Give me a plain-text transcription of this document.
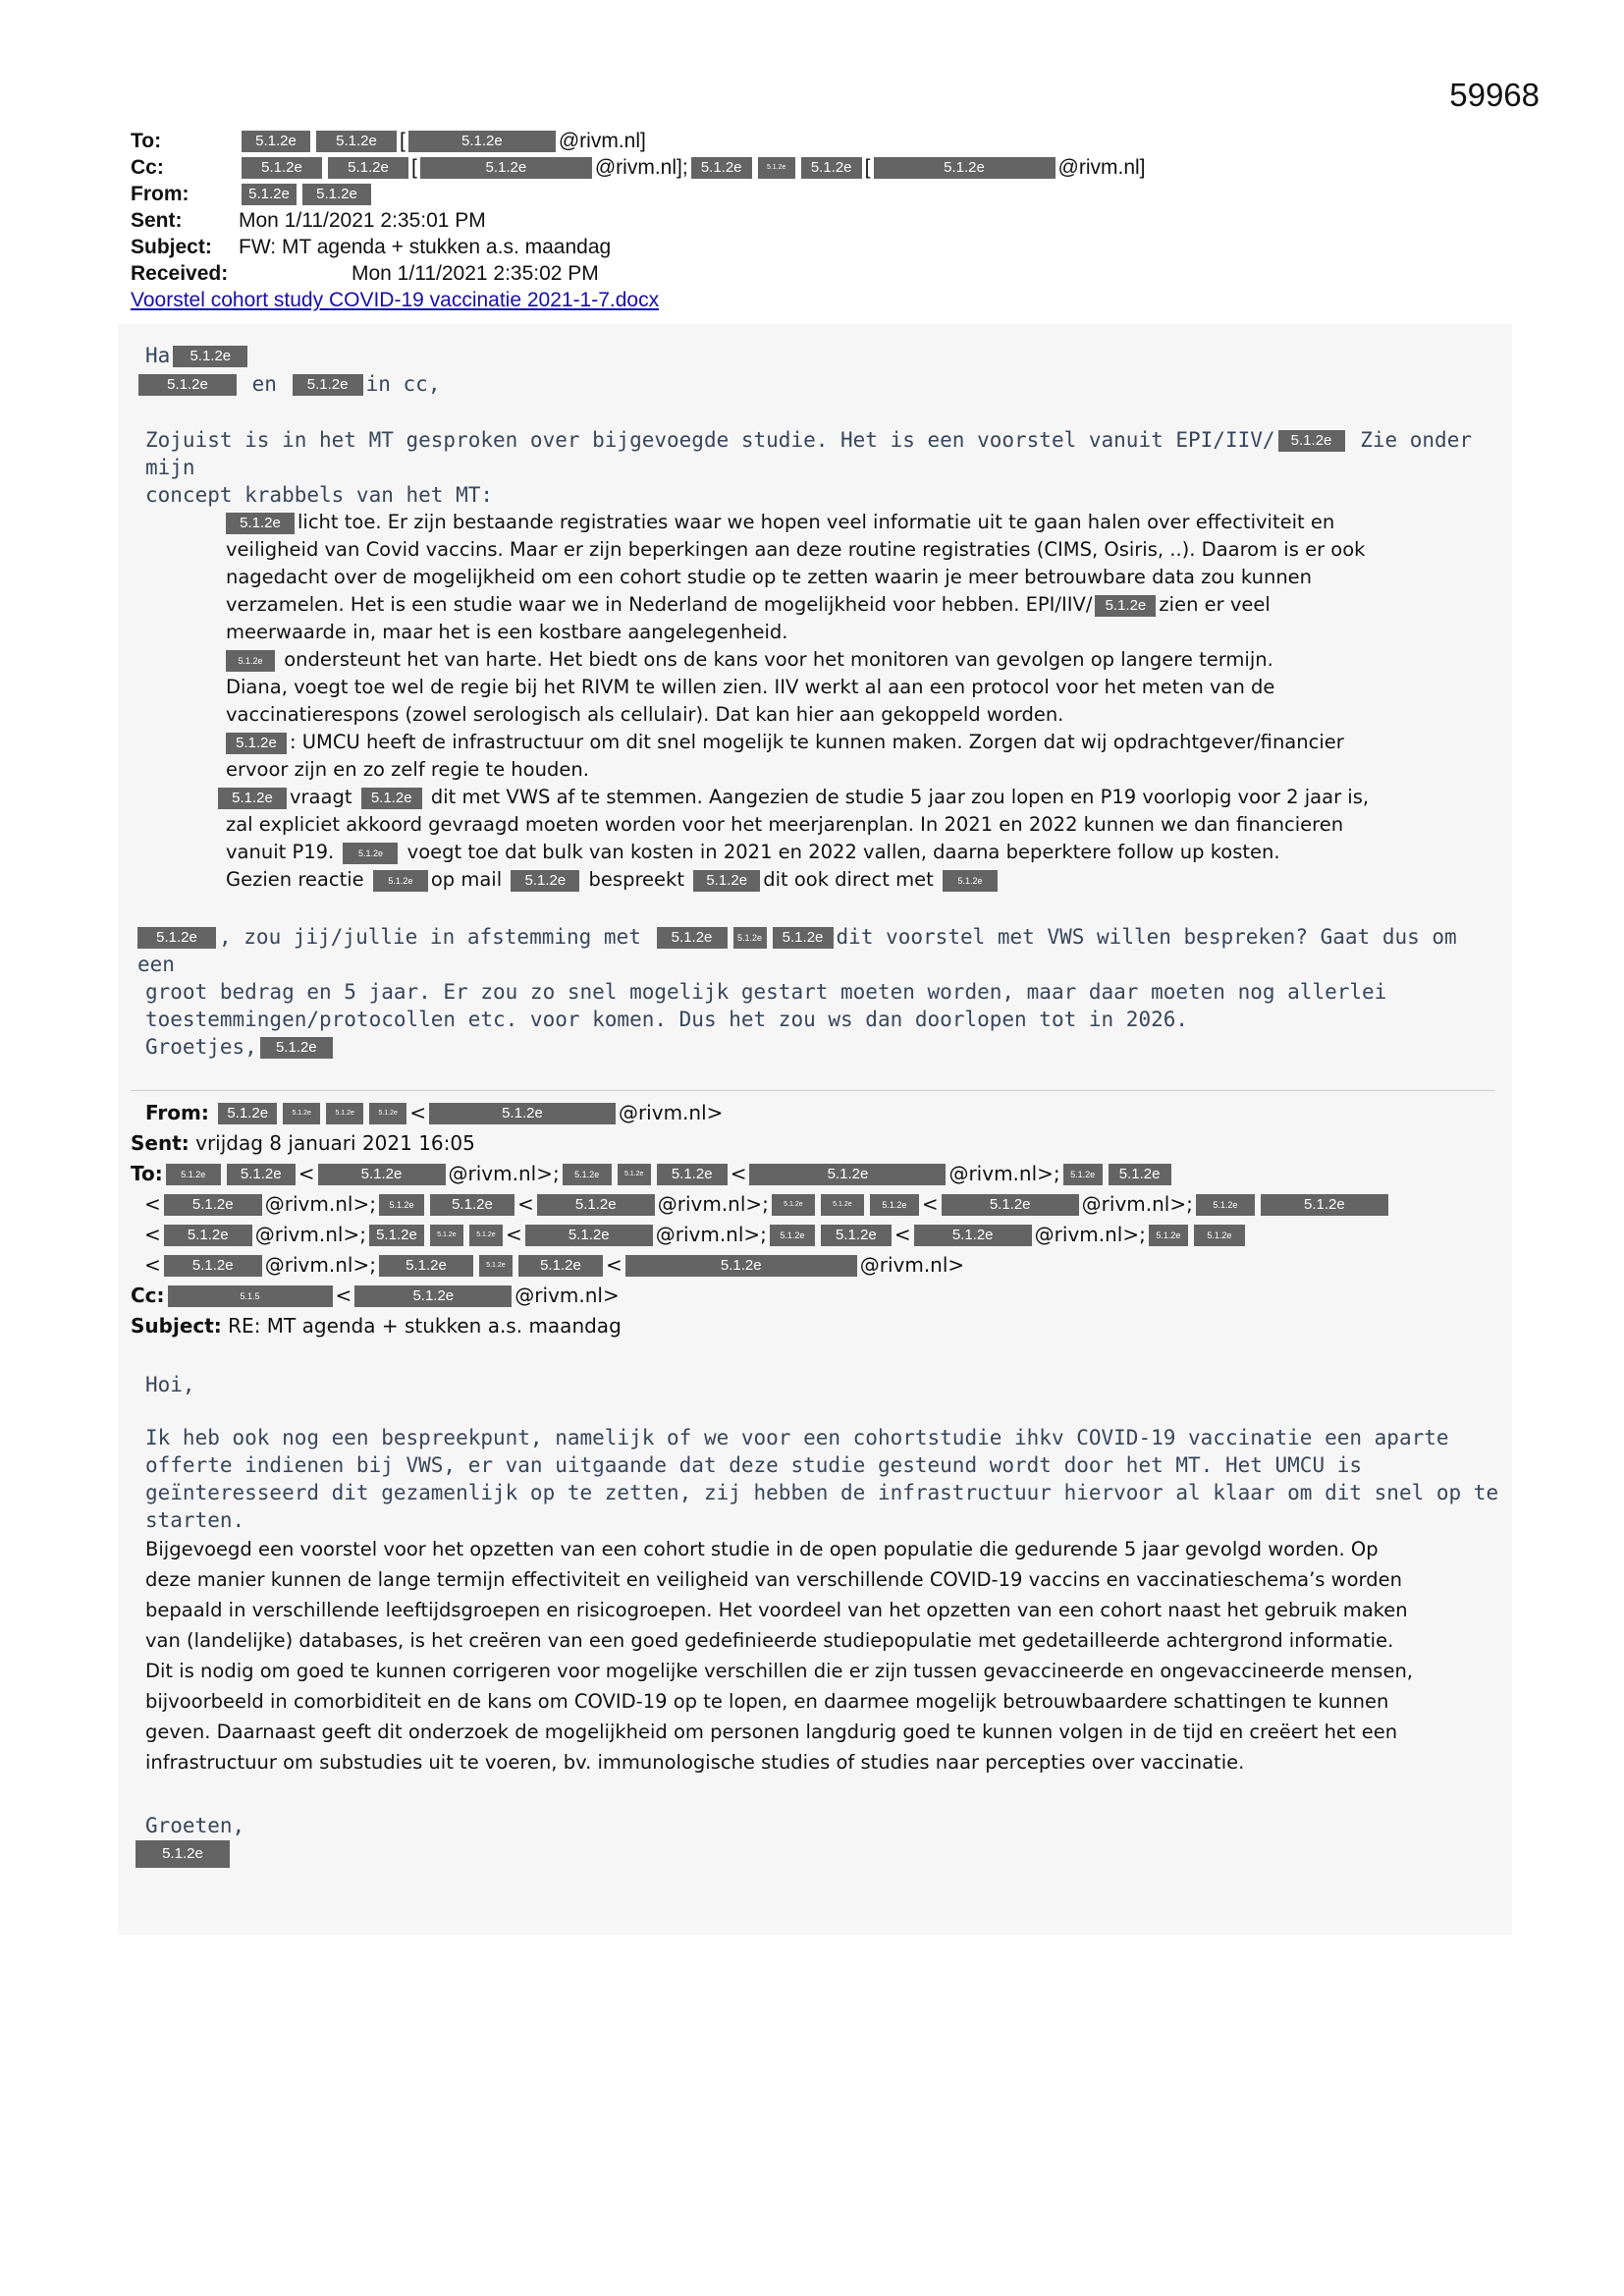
59968
To:	5.1.2e	5.1.2e	[	5.1.2e	@rivm.nl]
Cc:	5.1.2e	5.1.2e	[	5.1.2e	@rivm.nl]; 5.1.2e	5.1.2e	5.1.2e [	5.1.2e	@rivm.nl]
From:	5.1.2e	5.1.2e
Sent:	Mon 1/11/2021 2:35:01 PM
Subject:	FW: MT agenda + stukken a.s. maandag
Received:	Mon 1/11/2021 2:35:02 PM
Voorstel cohort study COVID-19 vaccinatie 2021-1-7.docx
Ha 5.1.2e
5.1.2e en 5.1.2e in cc,
Zojuist is in het MT gesproken over bijgevoegde studie. Het is een voorstel vanuit EPI/IIV/ 5.1.2e Zie onder mijn
concept krabbels van het MT:
5.1.2e licht toe. Er zijn bestaande registraties waar we hopen veel informatie uit te gaan halen over effectiviteit en
veiligheid van Covid vaccins. Maar er zijn beperkingen aan deze routine registraties (CIMS, Osiris, ..). Daarom is er ook
nagedacht over de mogelijkheid om een cohort studie op te zetten waarin je meer betrouwbare data zou kunnen
verzamelen. Het is een studie waar we in Nederland de mogelijkheid voor hebben. EPI/IIV/ 5.1.2e zien er veel
meerwaarde in, maar het is een kostbare aangelegenheid.
5.1.2e ondersteunt het van harte. Het biedt ons de kans voor het monitoren van gevolgen op langere termijn.
Diana, voegt toe wel de regie bij het RIVM te willen zien. IIV werkt al aan een protocol voor het meten van de
vaccinatierespons (zowel serologisch als cellulair). Dat kan hier aan gekoppeld worden.
5.1.2e : UMCU heeft de infrastructuur om dit snel mogelijk te kunnen maken. Zorgen dat wij opdrachtgever/financier
ervoor zijn en zo zelf regie te houden.
5.1.2e vraagt 5.1.2e dit met VWS af te stemmen. Aangezien de studie 5 jaar zou lopen en P19 voorlopig voor 2 jaar is,
zal expliciet akkoord gevraagd moeten worden voor het meerjarenplan. In 2021 en 2022 kunnen we dan financieren
vanuit P19.	5.1.2e voegt toe dat bulk van kosten in 2021 en 2022 vallen, daarna beperktere follow up kosten.
Gezien reactie	5.1.2e op mail 5.1.2e bespreekt 5.1.2e dit ook direct met	5.1.2e
5.1.2e , zou jij/jullie in afstemming met 5.1.2e	5.1.2e 5.1.2e dit voorstel met VWS willen bespreken? Gaat dus om een
groot bedrag en 5 jaar. Er zou zo snel mogelijk gestart moeten worden, maar daar moeten nog allerlei
toestemmingen/protocollen etc. voor komen. Dus het zou ws dan doorlopen tot in 2026.
Groetjes, 5.1.2e
From:
	5.1.2e	5.1.2e	5.1.2e	5.1.2e <	5.1.2e	@rivm.nl>
Sent:
vrijdag 8 januari 2021 16:05
To:	5.1.2e	5.1.2e <	5.1.2e	@rivm.nl>;	5.1.2e	5.1.2e	5.1.2e <	5.1.2e	@rivm.nl>;	5.1.2e	5.1.2e
<	5.1.2e	@rivm.nl>;	5.1.2e	5.1.2e	<	5.1.2e	@rivm.nl>;	5.1.2e	5.1.2e	5.1.2e <	5.1.2e	@rivm.nl>;	5.1.2e	5.1.2e
<	5.1.2e	@rivm.nl>; 5.1.2e	5.1.2e	5.1.2e <	5.1.2e	@rivm.nl>;	5.1.2e	5.1.2e <	5.1.2e	@rivm.nl>;	5.1.2e	5.1.2e
<	5.1.2e	@rivm.nl>;	5.1.2e	5.1.2e	5.1.2e	<	5.1.2e	@rivm.nl>
Cc:	5.1.5	<	5.1.2e	@rivm.nl>
Subject:
RE: MT agenda + stukken a.s. maandag
Hoi,
Ik heb ook nog een bespreekpunt, namelijk of we voor een cohortstudie ihkv COVID-19 vaccinatie een aparte
offerte indienen bij VWS, er van uitgaande dat deze studie gesteund wordt door het MT. Het UMCU is
geïnteresseerd dit gezamenlijk op te zetten, zij hebben de infrastructuur hiervoor al klaar om dit snel op te starten.
Bijgevoegd een voorstel voor het opzetten van een cohort studie in de open populatie die gedurende 5 jaar gevolgd worden. Op
deze manier kunnen de lange termijn effectiviteit en veiligheid van verschillende COVID-19 vaccins en vaccinatieschema’s worden
bepaald in verschillende leeftijdsgroepen en risicogroepen. Het voordeel van het opzetten van een cohort naast het gebruik maken
van (landelijke) databases, is het creëren van een goed gedefinieerde studiepopulatie met gedetailleerde achtergrond informatie.
Dit is nodig om goed te kunnen corrigeren voor mogelijke verschillen die er zijn tussen gevaccineerde en ongevaccineerde mensen,
bijvoorbeeld in comorbiditeit en de kans om COVID-19 op te lopen, en daarmee mogelijk betrouwbaardere schattingen te kunnen
geven. Daarnaast geeft dit onderzoek de mogelijkheid om personen langdurig goed te kunnen volgen in de tijd en creëert het een
infrastructuur om substudies uit te voeren, bv. immunologische studies of studies naar percepties over vaccinatie.
Groeten,
5.1.2e
